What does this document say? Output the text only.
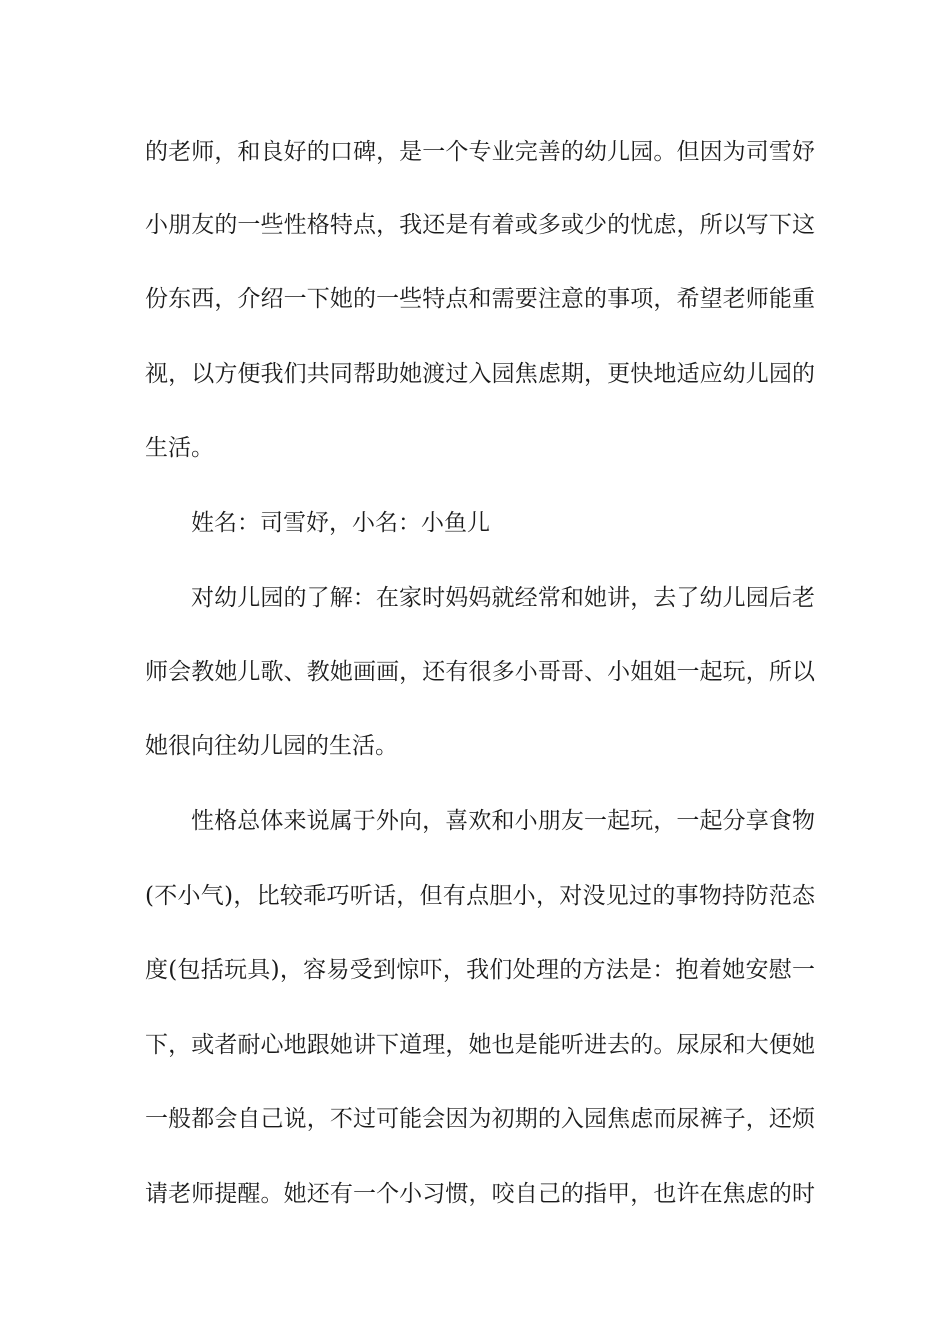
的老师，和良好的口碑，是一个专业完善的幼儿园。但因为司雪妤
小朋友的一些性格特点，我还是有着或多或少的忧虑，所以写下这
份东西，介绍一下她的一些特点和需要注意的事项，希望老师能重
视，以方便我们共同帮助她渡过入园焦虑期，更快地适应幼儿园的
生活。
姓名：司雪妤，小名：小鱼儿
对幼儿园的了解：在家时妈妈就经常和她讲，去了幼儿园后老
师会教她儿歌、教她画画，还有很多小哥哥、小姐姐一起玩，所以
她很向往幼儿园的生活。
性格总体来说属于外向，喜欢和小朋友一起玩，一起分享食物
(不小气)，比较乖巧听话，但有点胆小，对没见过的事物持防范态
度(包括玩具)，容易受到惊吓，我们处理的方法是：抱着她安慰一
下，或者耐心地跟她讲下道理，她也是能听进去的。尿尿和大便她
一般都会自己说，不过可能会因为初期的入园焦虑而尿裤子，还烦
请老师提醒。她还有一个小习惯，咬自己的指甲，也许在焦虑的时
